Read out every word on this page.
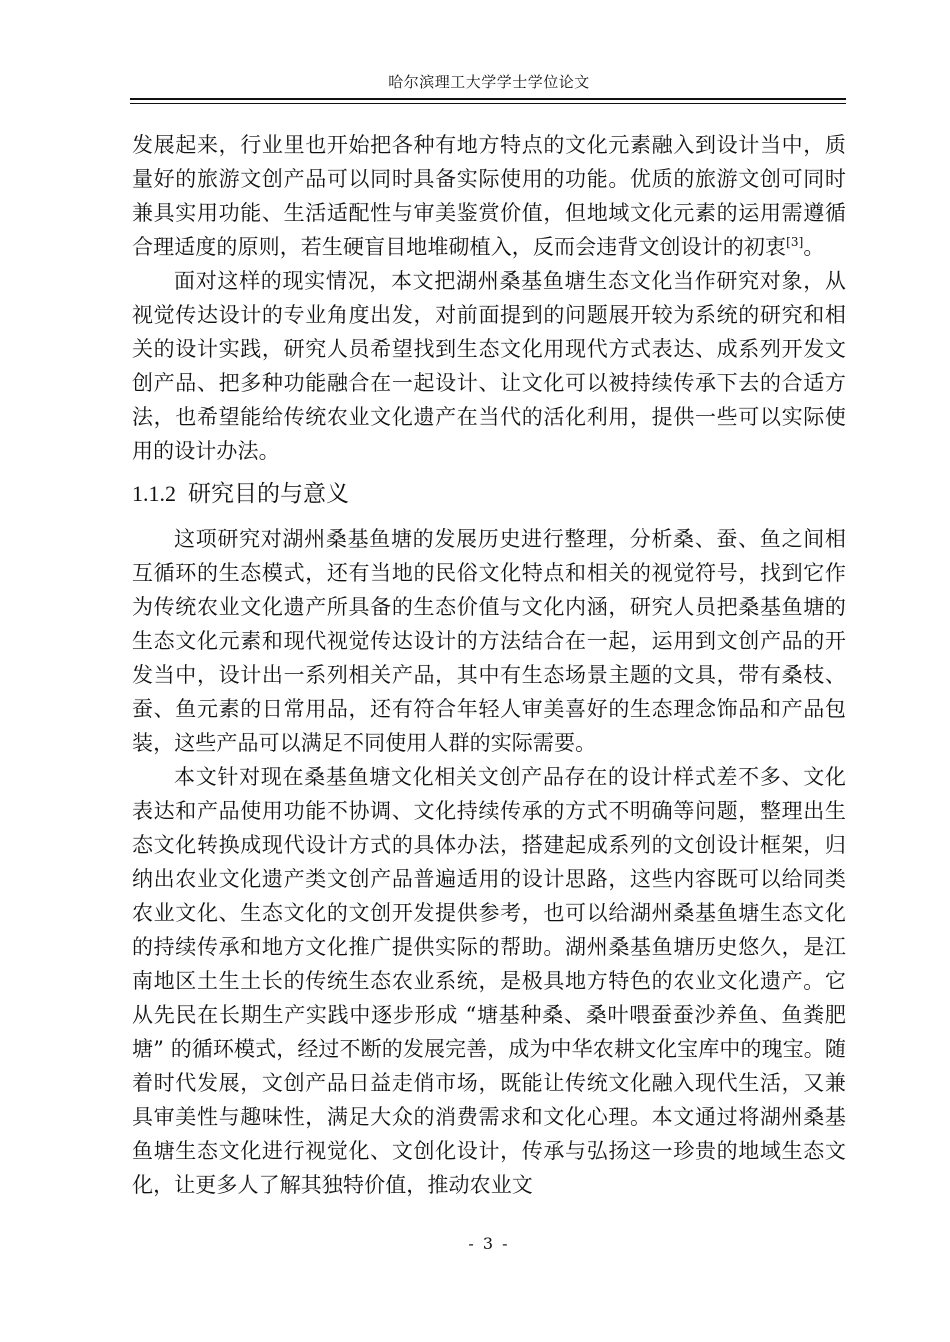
哈尔滨理工大学学士学位论文

发展起来，行业里也开始把各种有地方特点的文化元素融入到设计当中，质量好的旅游文创产品可以同时具备实际使用的功能。优质的旅游文创可同时兼具实用功能、生活适配性与审美鉴赏价值，但地域文化元素的运用需遵循合理适度的原则，若生硬盲目地堆砌植入，反而会违背文创设计的初衷[3]。

面对这样的现实情况，本文把湖州桑基鱼塘生态文化当作研究对象，从视觉传达设计的专业角度出发，对前面提到的问题展开较为系统的研究和相关的设计实践，研究人员希望找到生态文化用现代方式表达、成系列开发文创产品、把多种功能融合在一起设计、让文化可以被持续传承下去的合适方法，也希望能给传统农业文化遗产在当代的活化利用，提供一些可以实际使用的设计办法。

1.1.2 研究目的与意义

这项研究对湖州桑基鱼塘的发展历史进行整理，分析桑、蚕、鱼之间相互循环的生态模式，还有当地的民俗文化特点和相关的视觉符号，找到它作为传统农业文化遗产所具备的生态价值与文化内涵，研究人员把桑基鱼塘的生态文化元素和现代视觉传达设计的方法结合在一起，运用到文创产品的开发当中，设计出一系列相关产品，其中有生态场景主题的文具，带有桑枝、蚕、鱼元素的日常用品，还有符合年轻人审美喜好的生态理念饰品和产品包装，这些产品可以满足不同使用人群的实际需要。

本文针对现在桑基鱼塘文化相关文创产品存在的设计样式差不多、文化表达和产品使用功能不协调、文化持续传承的方式不明确等问题，整理出生态文化转换成现代设计方式的具体办法，搭建起成系列的文创设计框架，归纳出农业文化遗产类文创产品普遍适用的设计思路，这些内容既可以给同类农业文化、生态文化的文创开发提供参考，也可以给湖州桑基鱼塘生态文化的持续传承和地方文化推广提供实际的帮助。湖州桑基鱼塘历史悠久，是江南地区土生土长的传统生态农业系统，是极具地方特色的农业文化遗产。它从先民在长期生产实践中逐步形成 “塘基种桑、桑叶喂蚕蚕沙养鱼、鱼粪肥塘” 的循环模式，经过不断的发展完善，成为中华农耕文化宝库中的瑰宝。随着时代发展，文创产品日益走俏市场，既能让传统文化融入现代生活，又兼具审美性与趣味性，满足大众的消费需求和文化心理。本文通过将湖州桑基鱼塘生态文化进行视觉化、文创化设计，传承与弘扬这一珍贵的地域生态文化，让更多人了解其独特价值，推动农业文

- 3 -
